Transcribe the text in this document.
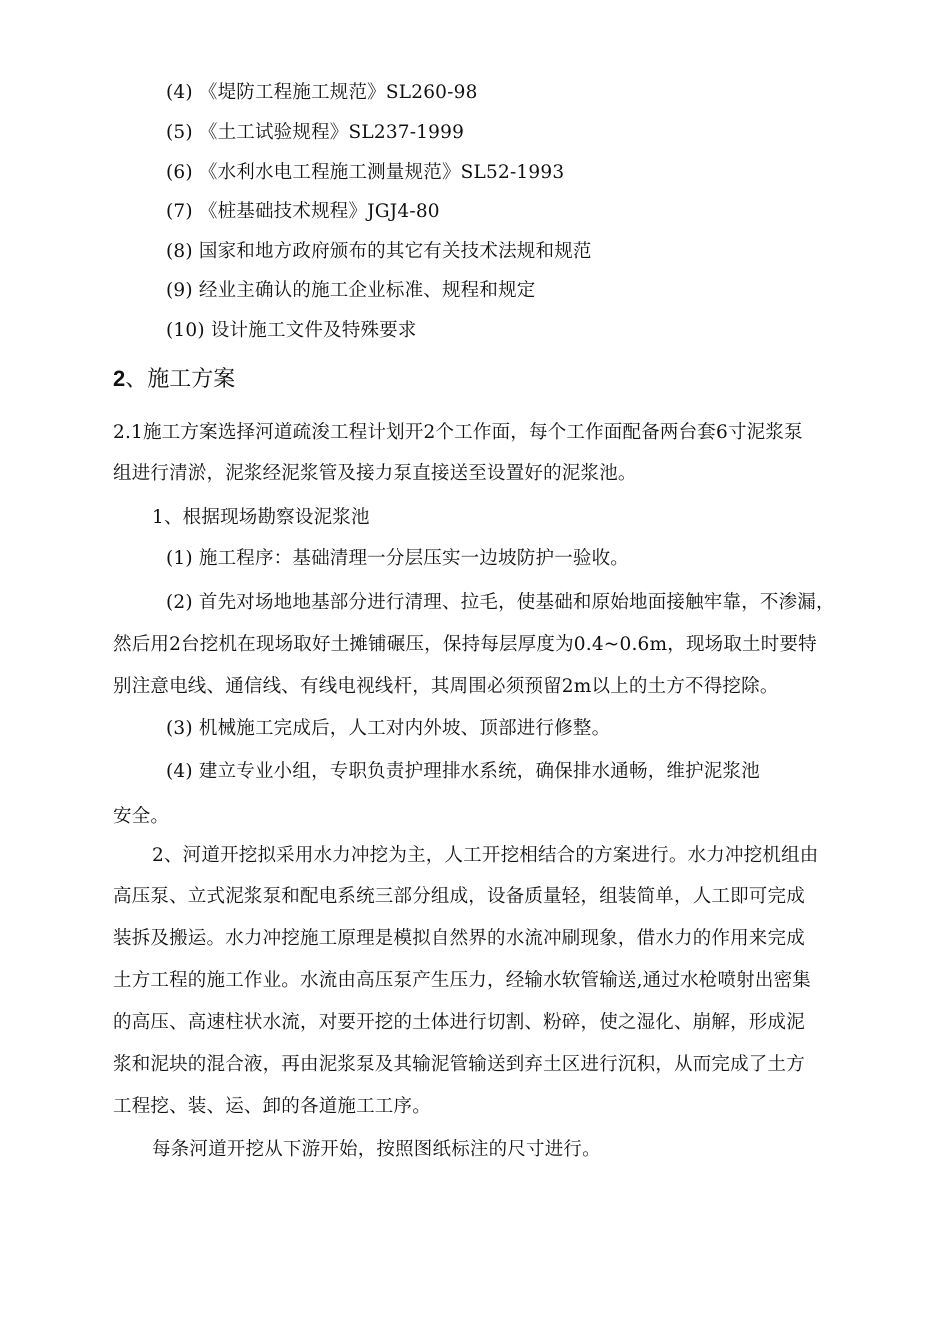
(4) 《堤防工程施工规范》SL260-98
(5) 《土工试验规程》SL237-1999
(6) 《水利水电工程施工测量规范》SL52-1993
(7) 《桩基础技术规程》JGJ4-80
(8) 国家和地方政府颁布的其它有关技术法规和规范
(9) 经业主确认的施工企业标准、规程和规定
(10) 设计施工文件及特殊要求
2、施工方案
2.1施工方案选择河道疏浚工程计划开2个工作面，每个工作面配备两台套6寸泥浆泵
组进行清淤，泥浆经泥浆管及接力泵直接送至设置好的泥浆池。
1、根据现场勘察设泥浆池
(1) 施工程序：基础清理一分层压实一边坡防护一验收。
(2) 首先对场地地基部分进行清理、拉毛，使基础和原始地面接触牢靠，不渗漏，
然后用2台挖机在现场取好土摊铺碾压，保持每层厚度为0.4~0.6m，现场取土时要特
别注意电线、通信线、有线电视线杆，其周围必须预留2m以上的土方不得挖除。
(3) 机械施工完成后，人工对内外坡、顶部进行修整。
(4) 建立专业小组，专职负责护理排水系统，确保排水通畅，维护泥浆池
安全。
2、河道开挖拟采用水力冲挖为主，人工开挖相结合的方案进行。水力冲挖机组由
高压泵、立式泥浆泵和配电系统三部分组成，设备质量轻，组装简单，人工即可完成
装拆及搬运。水力冲挖施工原理是模拟自然界的水流冲刷现象，借水力的作用来完成
土方工程的施工作业。水流由高压泵产生压力，经输水软管输送,通过水枪喷射出密集
的高压、高速柱状水流，对要开挖的土体进行切割、粉碎，使之湿化、崩解，形成泥
浆和泥块的混合液，再由泥浆泵及其输泥管输送到弃土区进行沉积，从而完成了土方
工程挖、装、运、卸的各道施工工序。
每条河道开挖从下游开始，按照图纸标注的尺寸进行。
